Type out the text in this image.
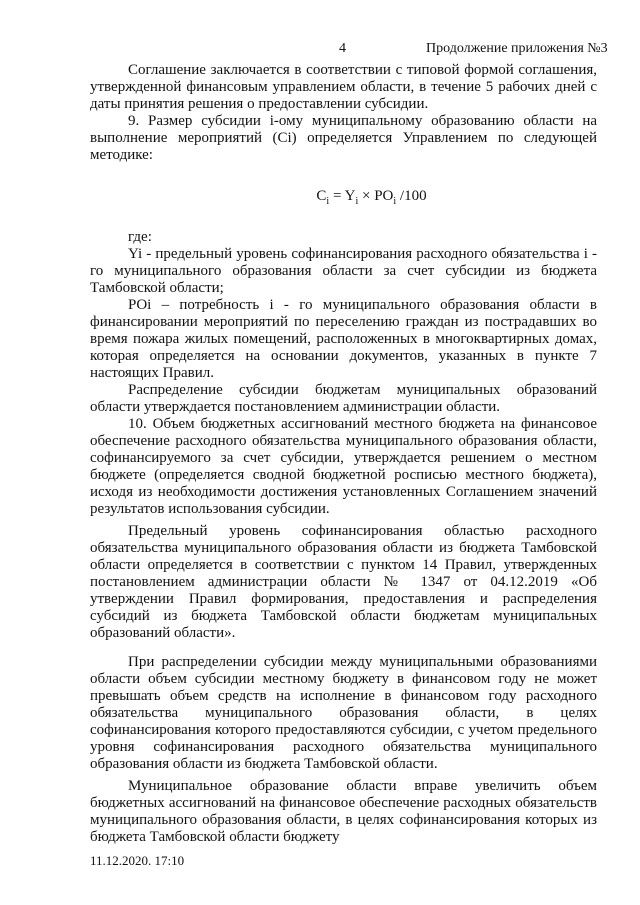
4	Продолжение приложения №3

Соглашение заключается в соответствии с типовой формой соглашения, утвержденной финансовым управлением области, в течение 5 рабочих дней с даты принятия решения о предоставлении субсидии.

9. Размер субсидии i-ому муниципальному образованию области на выполнение мероприятий (Ci) определяется Управлением по следующей методике:

$C_i = Y_i \times PO_i$ /100

где:

Yi - предельный уровень софинансирования расходного обязательства i - го муниципального образования области за счет субсидии из бюджета Тамбовской области;

POi – потребность i - го муниципального образования области в финансировании мероприятий по переселению граждан из пострадавших во время пожара жилых помещений, расположенных в многоквартирных домах, которая определяется на основании документов, указанных в пункте 7 настоящих Правил.

Распределение субсидии бюджетам муниципальных образований области утверждается постановлением администрации области.

10. Объем бюджетных ассигнований местного бюджета на финансовое обеспечение расходного обязательства муниципального образования области, софинансируемого за счет субсидии, утверждается решением о местном бюджете (определяется сводной бюджетной росписью местного бюджета), исходя из необходимости достижения установленных Соглашением значений результатов использования субсидии.

Предельный уровень софинансирования областью расходного обязательства муниципального образования области из бюджета Тамбовской области определяется в соответствии с пунктом 14 Правил, утвержденных постановлением администрации области № 1347 от 04.12.2019 «Об утверждении Правил формирования, предоставления и распределения субсидий из бюджета Тамбовской области бюджетам муниципальных образований области».

При распределении субсидии между муниципальными образованиями области объем субсидии местному бюджету в финансовом году не может превышать объем средств на исполнение в финансовом году расходного обязательства муниципального образования области, в целях софинансирования которого предоставляются субсидии, с учетом предельного уровня софинансирования расходного обязательства муниципального образования области из бюджета Тамбовской области.

Муниципальное образование области вправе увеличить объем бюджетных ассигнований на финансовое обеспечение расходных обязательств муниципального образования области, в целях софинансирования которых из бюджета Тамбовской области бюджету

11.12.2020. 17:10
